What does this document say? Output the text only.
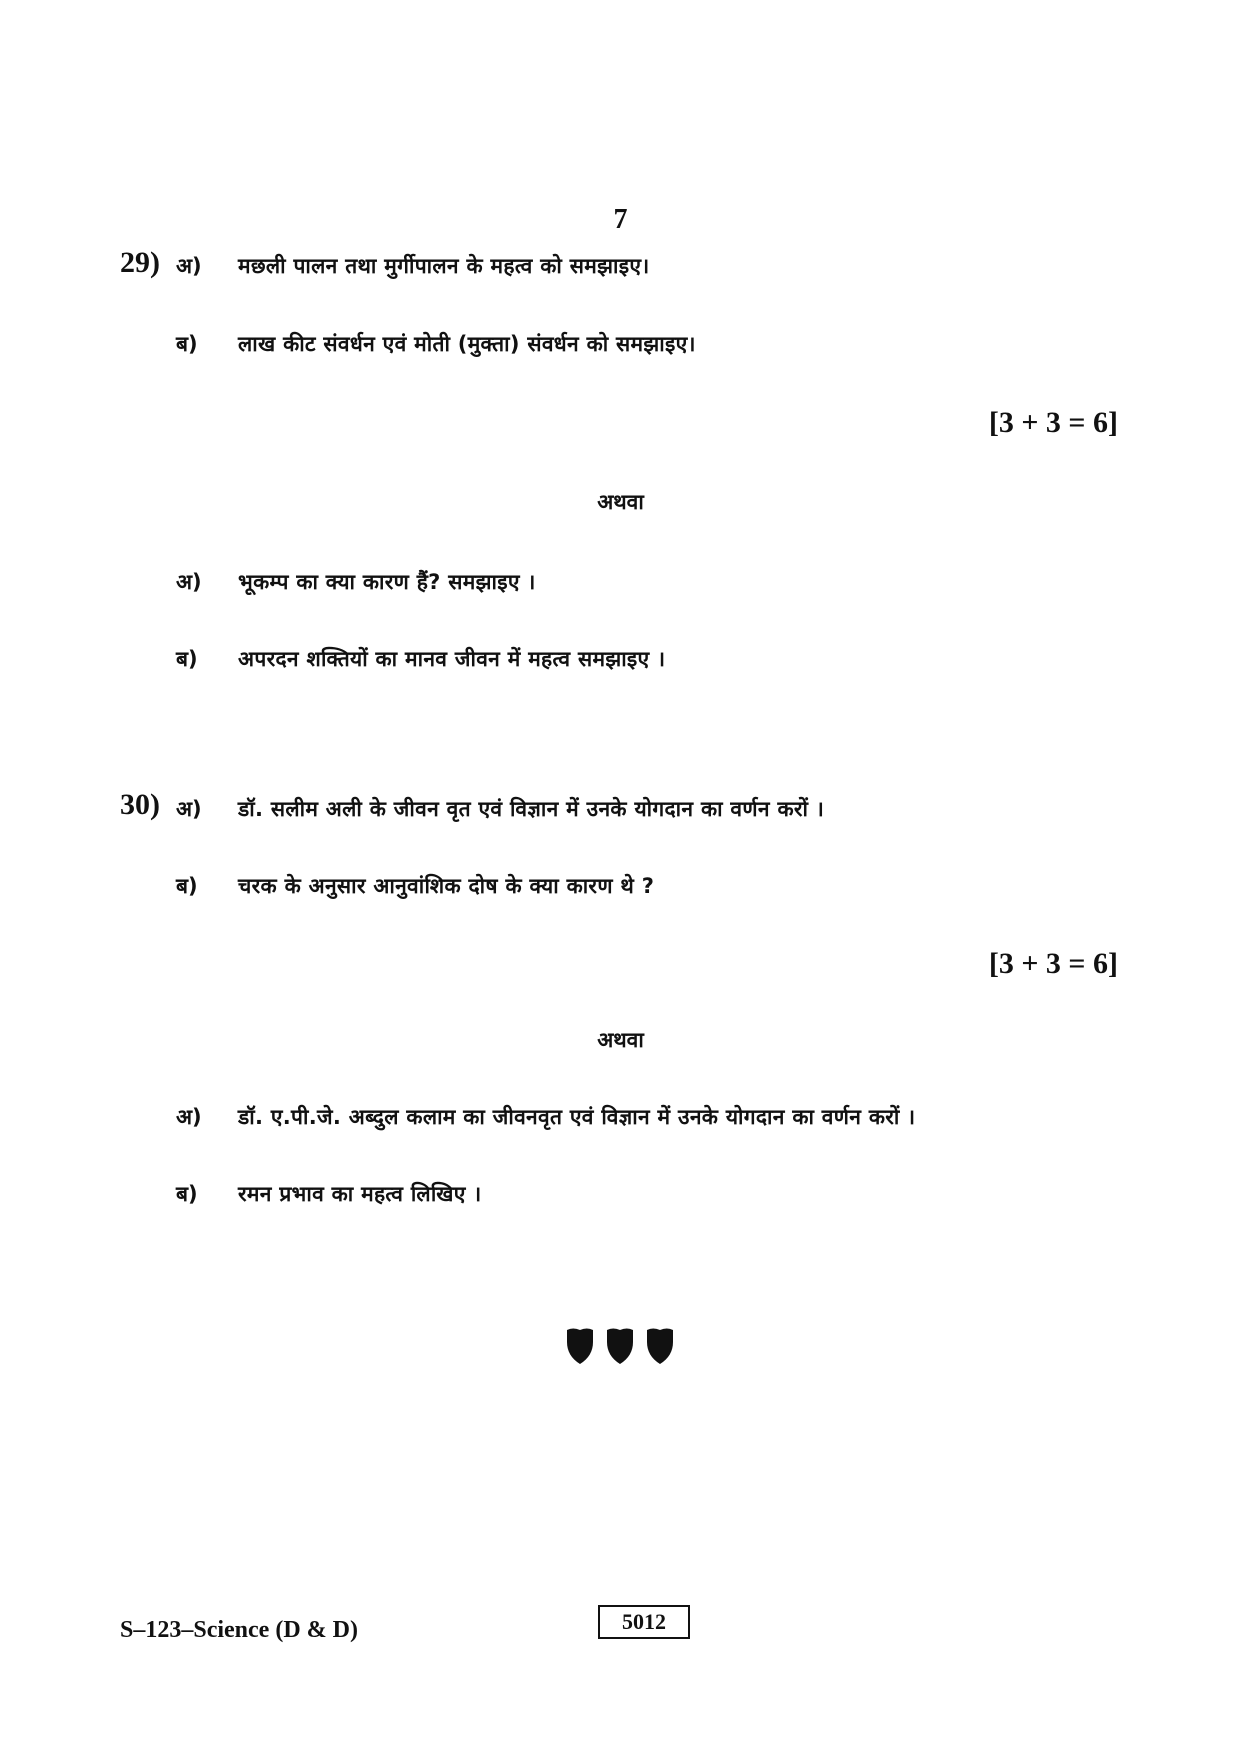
7
29) अ) मछली पालन तथा मुर्गीपालन के महत्व को समझाइए।
ब) लाख कीट संवर्धन एवं मोती (मुक्ता) संवर्धन को समझाइए।
[3 + 3 = 6]
अथवा
अ) भूकम्प का क्या कारण हैं? समझाइए ।
ब) अपरदन शक्तियों का मानव जीवन में महत्व समझाइए ।
30) अ) डॉ. सलीम अली के जीवन वृत एवं विज्ञान में उनके योगदान का वर्णन करों ।
ब) चरक के अनुसार आनुवांशिक दोष के क्या कारण थे ?
[3 + 3 = 6]
अथवा
अ) डॉ. ए.पी.जे. अब्दुल कलाम का जीवनवृत एवं विज्ञान में उनके योगदान का वर्णन करों ।
ब) रमन प्रभाव का महत्व लिखिए ।
S–123–Science (D & D)	5012
